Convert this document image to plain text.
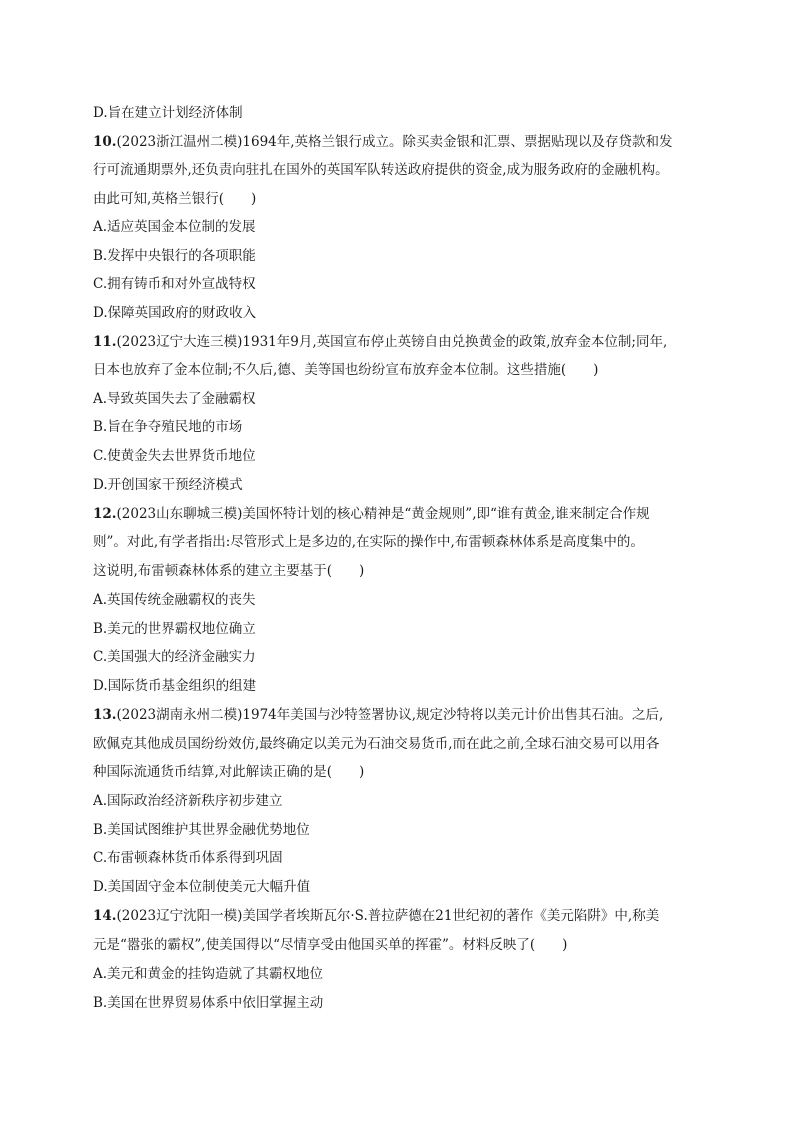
D.旨在建立计划经济体制
10.(2023浙江温州二模)1694年,英格兰银行成立。除买卖金银和汇票、票据贴现以及存贷款和发
行可流通期票外,还负责向驻扎在国外的英国军队转送政府提供的资金,成为服务政府的金融机构。
由此可知,英格兰银行(　　)
A.适应英国金本位制的发展
B.发挥中央银行的各项职能
C.拥有铸币和对外宣战特权
D.保障英国政府的财政收入
11.(2023辽宁大连三模)1931年9月,英国宣布停止英镑自由兑换黄金的政策,放弃金本位制;同年,
日本也放弃了金本位制;不久后,德、美等国也纷纷宣布放弃金本位制。这些措施(　　)
A.导致英国失去了金融霸权
B.旨在争夺殖民地的市场
C.使黄金失去世界货币地位
D.开创国家干预经济模式
12.(2023山东聊城三模)美国怀特计划的核心精神是“黄金规则”,即“谁有黄金,谁来制定合作规
则”。对此,有学者指出:尽管形式上是多边的,在实际的操作中,布雷顿森林体系是高度集中的。
这说明,布雷顿森林体系的建立主要基于(　　)
A.英国传统金融霸权的丧失
B.美元的世界霸权地位确立
C.美国强大的经济金融实力
D.国际货币基金组织的组建
13.(2023湖南永州二模)1974年美国与沙特签署协议,规定沙特将以美元计价出售其石油。之后,
欧佩克其他成员国纷纷效仿,最终确定以美元为石油交易货币,而在此之前,全球石油交易可以用各
种国际流通货币结算,对此解读正确的是(　　)
A.国际政治经济新秩序初步建立
B.美国试图维护其世界金融优势地位
C.布雷顿森林货币体系得到巩固
D.美国固守金本位制使美元大幅升值
14.(2023辽宁沈阳一模)美国学者埃斯瓦尔·S.普拉萨德在21世纪初的著作《美元陷阱》中,称美
元是“嚣张的霸权”,使美国得以“尽情享受由他国买单的挥霍”。材料反映了(　　)
A.美元和黄金的挂钩造就了其霸权地位
B.美国在世界贸易体系中依旧掌握主动
